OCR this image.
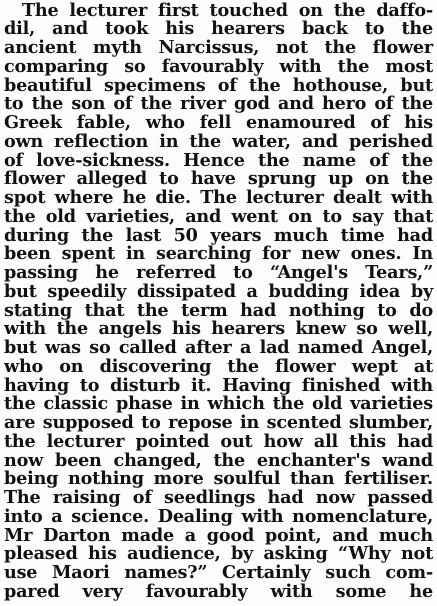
The lecturer first touched on the daffo-
dil, and took his hearers back to the
ancient myth Narcissus, not the flower
comparing so favourably with the most
beautiful specimens of the hothouse, but
to the son of the river god and hero of the
Greek fable, who fell enamoured of his
own reflection in the water, and perished
of love-sickness. Hence the name of the
flower alleged to have sprung up on the
spot where he die. The lecturer dealt with
the old varieties, and went on to say that
during the last 50 years much time had
been spent in searching for new ones. In
passing he referred to “Angel's Tears,”
but speedily dissipated a budding idea by
stating that the term had nothing to do
with the angels his hearers knew so well,
but was so called after a lad named Angel,
who on discovering the flower wept at
having to disturb it. Having finished with
the classic phase in which the old varieties
are supposed to repose in scented slumber,
the lecturer pointed out how all this had
now been changed, the enchanter's wand
being nothing more soulful than fertiliser.
The raising of seedlings had now passed
into a science. Dealing with nomenclature,
Mr Darton made a good point, and much
pleased his audience, by asking “Why not
use Maori names?” Certainly such com-
pared very favourably with some he
